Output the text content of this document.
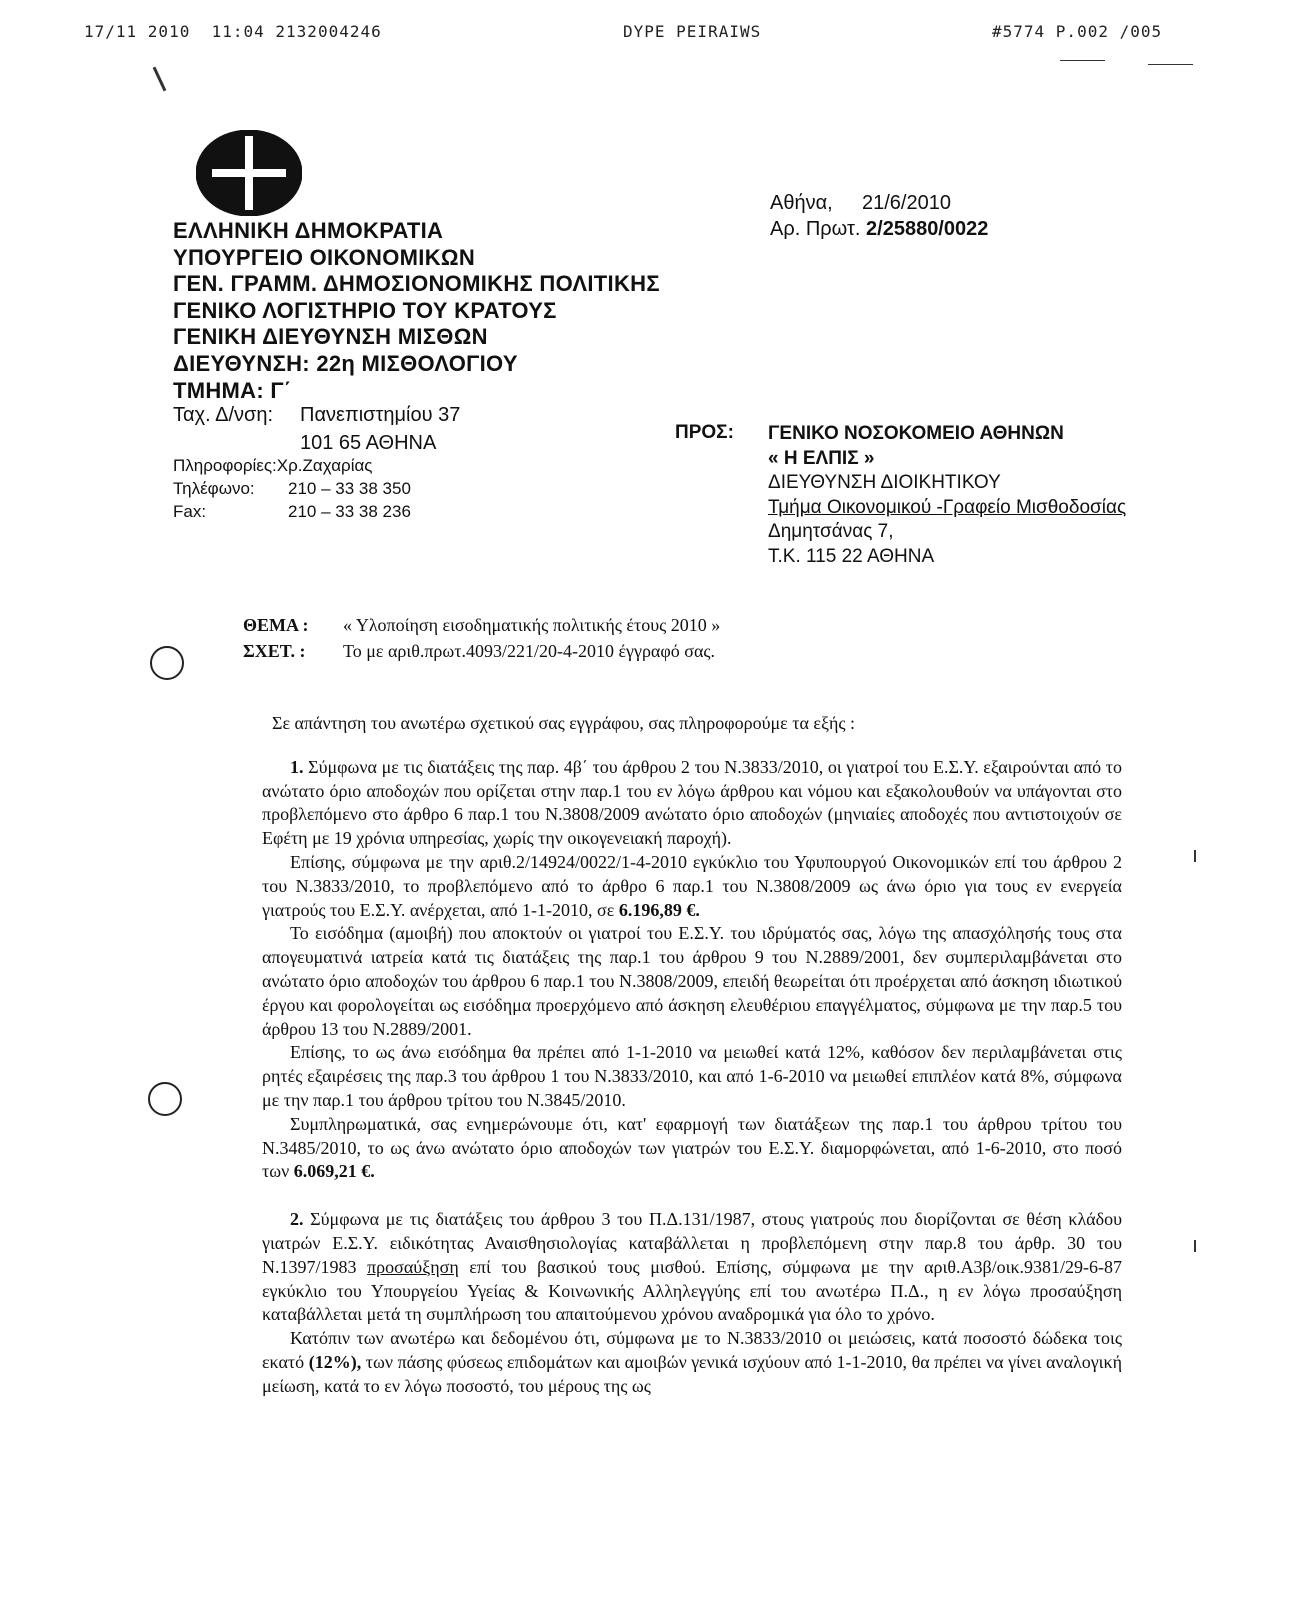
17/11 2010 11:04 2132004246	DYPE PEIRAIWS	#5774 P.002 /005
ΕΛΛΗΝΙΚΗ ΔΗΜΟΚΡΑΤΙΑ
ΥΠΟΥΡΓΕΙΟ ΟΙΚΟΝΟΜΙΚΩΝ
ΓΕΝ. ΓΡΑΜΜ. ΔΗΜΟΣΙΟΝΟΜΙΚΗΣ ΠΟΛΙΤΙΚΗΣ
ΓΕΝΙΚΟ ΛΟΓΙΣΤΗΡΙΟ ΤΟΥ ΚΡΑΤΟΥΣ
ΓΕΝΙΚΗ ΔΙΕΥΘΥΝΣΗ ΜΙΣΘΩΝ
ΔΙΕΥΘΥΝΣΗ: 22η ΜΙΣΘΟΛΟΓΙΟΥ
ΤΜΗΜΑ: Γ΄
Ταχ. Δ/νση: Πανεπιστημίου 37
101 65 ΑΘΗΝΑ
Πληροφορίες:Χρ.Ζαχαρίας
Τηλέφωνο: 210 – 33 38 350
Fax:	210 – 33 38 236
Αθήνα, 21/6/2010
Αρ. Πρωτ. 2/25880/0022
ΠΡΟΣ: ΓΕΝΙΚΟ ΝΟΣΟΚΟΜΕΙΟ ΑΘΗΝΩΝ
« Η ΕΛΠΙΣ »
ΔΙΕΥΘΥΝΣΗ ΔΙΟΙΚΗΤΙΚΟΥ
Τμήμα Οικονομικού -Γραφείο Μισθοδοσίας
Δημητσάνας 7,
Τ.Κ. 115 22 ΑΘΗΝΑ
ΘΕΜΑ : « Υλοποίηση εισοδηματικής πολιτικής έτους 2010 »
ΣΧΕΤ. : Το με αριθ.πρωτ.4093/221/20-4-2010 έγγραφό σας.

Σε απάντηση του ανωτέρω σχετικού σας εγγράφου, σας πληροφορούμε τα εξής :

1. Σύμφωνα με τις διατάξεις της παρ. 4β΄ του άρθρου 2 του Ν.3833/2010, οι γιατροί του Ε.Σ.Υ. εξαιρούνται από το ανώτατο όριο αποδοχών που ορίζεται στην παρ.1 του εν λόγω άρθρου και νόμου και εξακολουθούν να υπάγονται στο προβλεπόμενο στο άρθρο 6 παρ.1 του Ν.3808/2009 ανώτατο όριο αποδοχών (μηνιαίες αποδοχές που αντιστοιχούν σε Εφέτη με 19 χρόνια υπηρεσίας, χωρίς την οικογενειακή παροχή).

Επίσης, σύμφωνα με την αριθ.2/14924/0022/1-4-2010 εγκύκλιο του Υφυπουργού Οικονομικών επί του άρθρου 2 του Ν.3833/2010, το προβλεπόμενο από το άρθρο 6 παρ.1 του Ν.3808/2009 ως άνω όριο για τους εν ενεργεία γιατρούς του Ε.Σ.Υ. ανέρχεται, από 1-1-2010, σε 6.196,89 €.

Το εισόδημα (αμοιβή) που αποκτούν οι γιατροί του Ε.Σ.Υ. του ιδρύματός σας, λόγω της απασχόλησής τους στα απογευματινά ιατρεία κατά τις διατάξεις της παρ.1 του άρθρου 9 του Ν.2889/2001, δεν συμπεριλαμβάνεται στο ανώτατο όριο αποδοχών του άρθρου 6 παρ.1 του Ν.3808/2009, επειδή θεωρείται ότι προέρχεται από άσκηση ιδιωτικού έργου και φορολογείται ως εισόδημα προερχόμενο από άσκηση ελευθέριου επαγγέλματος, σύμφωνα με την παρ.5 του άρθρου 13 του Ν.2889/2001.

Επίσης, το ως άνω εισόδημα θα πρέπει από 1-1-2010 να μειωθεί κατά 12%, καθόσον δεν περιλαμβάνεται στις ρητές εξαιρέσεις της παρ.3 του άρθρου 1 του Ν.3833/2010, και από 1-6-2010 να μειωθεί επιπλέον κατά 8%, σύμφωνα με την παρ.1 του άρθρου τρίτου του Ν.3845/2010.

Συμπληρωματικά, σας ενημερώνουμε ότι, κατ' εφαρμογή των διατάξεων της παρ.1 του άρθρου τρίτου του Ν.3485/2010, το ως άνω ανώτατο όριο αποδοχών των γιατρών του Ε.Σ.Υ. διαμορφώνεται, από 1-6-2010, στο ποσό των 6.069,21 €.

2. Σύμφωνα με τις διατάξεις του άρθρου 3 του Π.Δ.131/1987, στους γιατρούς που διορίζονται σε θέση κλάδου γιατρών Ε.Σ.Υ. ειδικότητας Αναισθησιολογίας καταβάλλεται η προβλεπόμενη στην παρ.8 του άρθρ. 30 του Ν.1397/1983 προσαύξηση επί του βασικού τους μισθού. Επίσης, σύμφωνα με την αριθ.Α3β/οικ.9381/29-6-87 εγκύκλιο του Υπουργείου Υγείας & Κοινωνικής Αλληλεγγύης επί του ανωτέρω Π.Δ., η εν λόγω προσαύξηση καταβάλλεται μετά τη συμπλήρωση του απαιτούμενου χρόνου αναδρομικά για όλο το χρόνο.

Κατόπιν των ανωτέρω και δεδομένου ότι, σύμφωνα με το Ν.3833/2010 οι μειώσεις, κατά ποσοστό δώδεκα τοις εκατό (12%), των πάσης φύσεως επιδομάτων και αμοιβών γενικά ισχύουν από 1-1-2010, θα πρέπει να γίνει αναλογική μείωση, κατά το εν λόγω ποσοστό, του μέρους της ως
